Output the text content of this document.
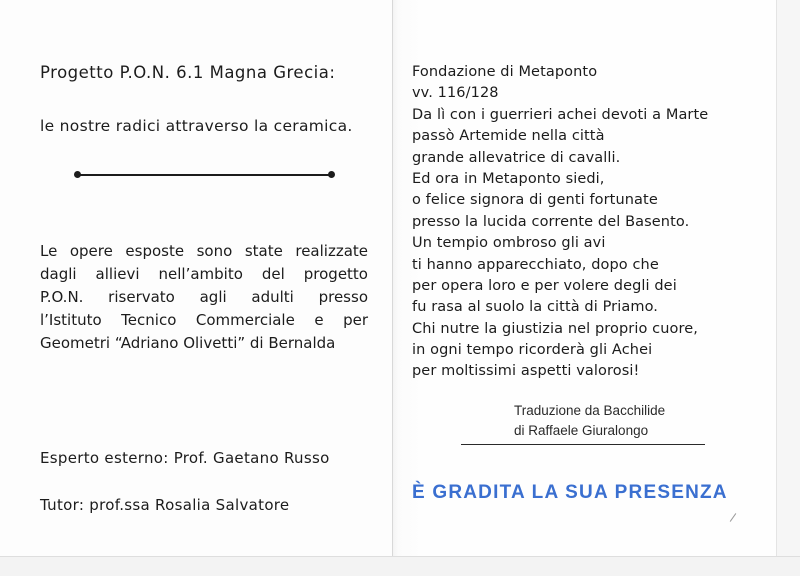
Progetto P.O.N. 6.1 Magna Grecia:
le nostre radici attraverso la ceramica.
Le opere esposte sono state realizzate
dagli allievi nell’ambito del progetto
P.O.N. riservato agli adulti presso
l’Istituto Tecnico Commerciale e per
Geometri “Adriano Olivetti” di Bernalda
Esperto esterno: Prof. Gaetano Russo
Tutor: prof.ssa Rosalia Salvatore
Fondazione di Metaponto
vv. 116/128
Da lì con i guerrieri achei devoti a Marte
passò Artemide nella città
grande allevatrice di cavalli.
Ed ora in Metaponto siedi,
o felice signora di genti fortunate
presso la lucida corrente del Basento.
Un tempio ombroso gli avi
ti hanno apparecchiato, dopo che
per opera loro e per volere degli dei
fu rasa al suolo la città di Priamo.
Chi nutre la giustizia nel proprio cuore,
in ogni tempo ricorderà gli Achei
per moltissimi aspetti valorosi!
Traduzione da Bacchilide
di Raffaele Giuralongo
È GRADITA LA SUA PRESENZA
